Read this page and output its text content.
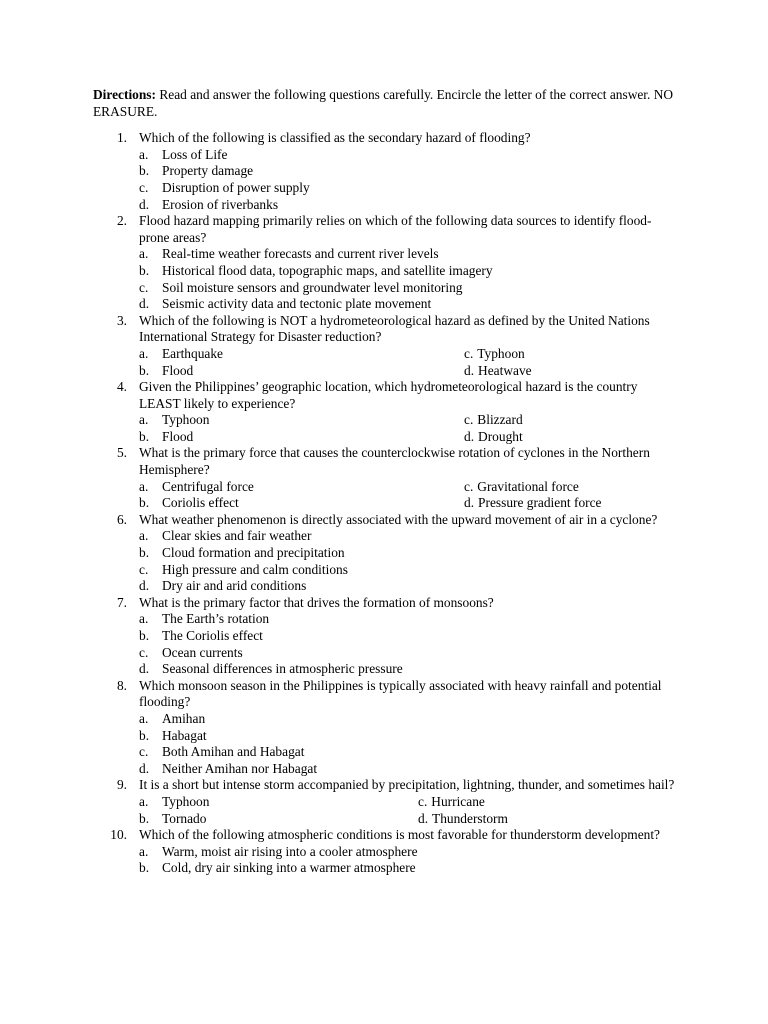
Directions: Read and answer the following questions carefully. Encircle the letter of the correct answer. NO ERASURE.

1. Which of the following is classified as the secondary hazard of flooding?
a. Loss of Life
b. Property damage
c. Disruption of power supply
d. Erosion of riverbanks
2. Flood hazard mapping primarily relies on which of the following data sources to identify flood-prone areas?
a. Real-time weather forecasts and current river levels
b. Historical flood data, topographic maps, and satellite imagery
c. Soil moisture sensors and groundwater level monitoring
d. Seismic activity data and tectonic plate movement
3. Which of the following is NOT a hydrometeorological hazard as defined by the United Nations International Strategy for Disaster reduction?
a. Earthquake	c. Typhoon
b. Flood	d. Heatwave
4. Given the Philippines’ geographic location, which hydrometeorological hazard is the country LEAST likely to experience?
a. Typhoon	c. Blizzard
b. Flood	d. Drought
5. What is the primary force that causes the counterclockwise rotation of cyclones in the Northern Hemisphere?
a. Centrifugal force	c. Gravitational force
b. Coriolis effect	d. Pressure gradient force
6. What weather phenomenon is directly associated with the upward movement of air in a cyclone?
a. Clear skies and fair weather
b. Cloud formation and precipitation
c. High pressure and calm conditions
d. Dry air and arid conditions
7. What is the primary factor that drives the formation of monsoons?
a. The Earth’s rotation
b. The Coriolis effect
c. Ocean currents
d. Seasonal differences in atmospheric pressure
8. Which monsoon season in the Philippines is typically associated with heavy rainfall and potential flooding?
a. Amihan
b. Habagat
c. Both Amihan and Habagat
d. Neither Amihan nor Habagat
9. It is a short but intense storm accompanied by precipitation, lightning, thunder, and sometimes hail?
a. Typhoon	c. Hurricane
b. Tornado	d. Thunderstorm
10. Which of the following atmospheric conditions is most favorable for thunderstorm development?
a. Warm, moist air rising into a cooler atmosphere
b. Cold, dry air sinking into a warmer atmosphere
